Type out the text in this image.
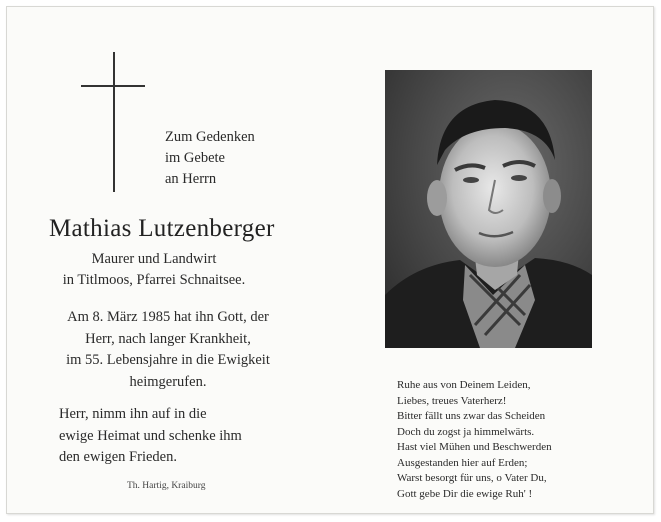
Zum Gedenken
im Gebete
an Herrn
Mathias Lutzenberger
Maurer und Landwirt
in Titlmoos, Pfarrei Schnaitsee.
Am 8. März 1985 hat ihn Gott, der
Herr, nach langer Krankheit,
im 55. Lebensjahre in die Ewigkeit
heimgerufen.
Herr, nimm ihn auf in die
ewige Heimat und schenke ihm
den ewigen Frieden.
Th. Hartig, Kraiburg
Ruhe aus von Deinem Leiden,
Liebes, treues Vaterherz!
Bitter fällt uns zwar das Scheiden
Doch du zogst ja himmelwärts.
Hast viel Mühen und Beschwerden
Ausgestanden hier auf Erden;
Warst besorgt für uns, o Vater Du,
Gott gebe Dir die ewige Ruh' !
